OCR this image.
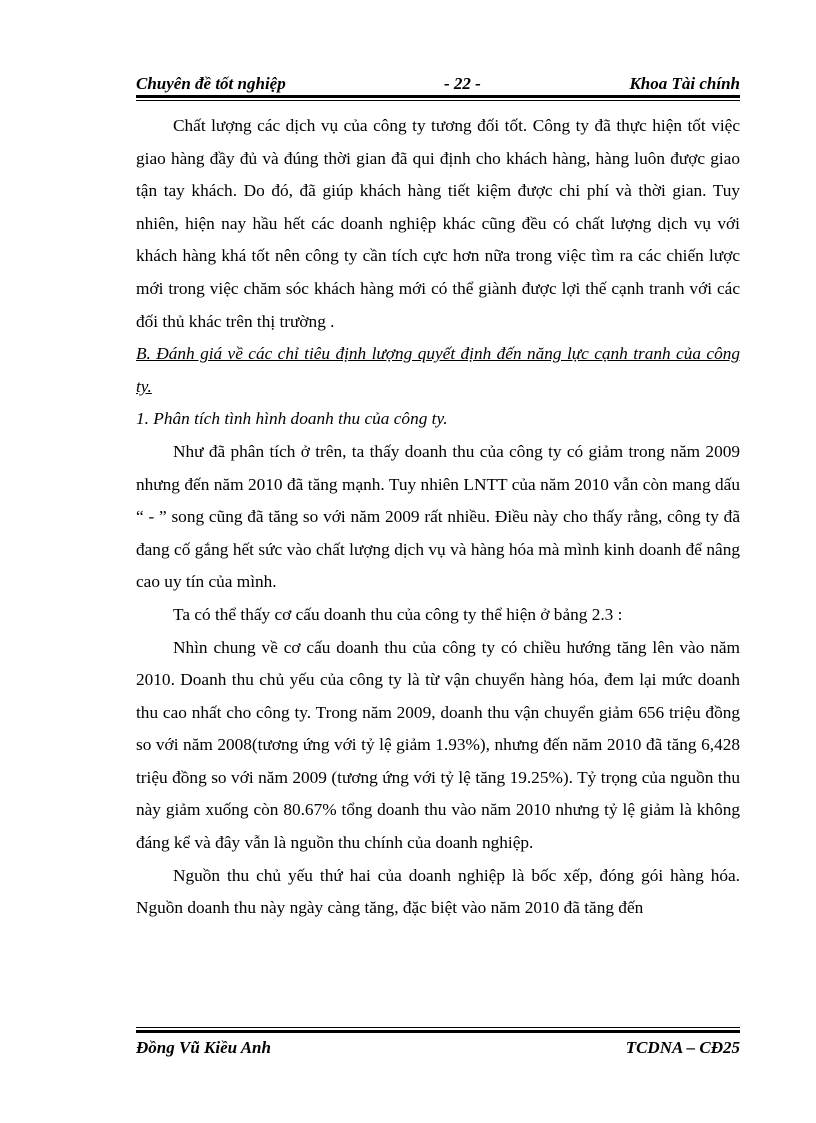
Chuyên đề tốt nghiệp	- 22 -	Khoa Tài chính

Chất lượng các dịch vụ của công ty tương đối tốt. Công ty đã thực hiện tốt việc giao hàng đầy đủ và đúng thời gian đã qui định cho khách hàng, hàng luôn được giao tận tay khách. Do đó, đã giúp khách hàng tiết kiệm được chi phí và thời gian. Tuy nhiên, hiện nay hầu hết các doanh nghiệp khác cũng đều có chất lượng dịch vụ với khách hàng khá tốt nên công ty cần tích cực hơn nữa trong việc tìm ra các chiến lược mới trong việc chăm sóc khách hàng mới có thể giành được lợi thế cạnh tranh với các đối thủ khác trên thị trường .

B. Đánh giá về các chỉ tiêu định lượng quyết định đến năng lực cạnh tranh của công ty.

1. Phân tích tình hình doanh thu của công ty.

Như đã phân tích ở trên, ta thấy doanh thu của công ty có giảm trong năm 2009 nhưng đến năm 2010 đã tăng mạnh. Tuy nhiên LNTT của năm 2010 vẫn còn mang dấu “ - ” song cũng đã tăng so với năm 2009 rất nhiều. Điều này cho thấy rằng, công ty đã đang cố gắng hết sức vào chất lượng dịch vụ và hàng hóa mà mình kinh doanh để nâng cao uy tín của mình.

Ta có thể thấy cơ cấu doanh thu của công ty thể hiện ở bảng 2.3 :

Nhìn chung về cơ cấu doanh thu của công ty có chiều hướng tăng lên vào năm 2010. Doanh thu chủ yếu của công ty là từ vận chuyển hàng hóa, đem lại mức doanh thu cao nhất cho công ty. Trong năm 2009, doanh thu vận chuyển giảm 656 triệu đồng so với năm 2008(tương ứng với tỷ lệ giảm 1.93%), nhưng đến năm 2010 đã tăng 6,428 triệu đồng so với năm 2009 (tương ứng với tỷ lệ tăng 19.25%). Tỷ trọng của nguồn thu này giảm xuống còn 80.67% tổng doanh thu vào năm 2010 nhưng tỷ lệ giảm là không đáng kể và đây vẫn là nguồn thu chính của doanh nghiệp.

Nguồn thu chủ yếu thứ hai của doanh nghiệp là bốc xếp, đóng gói hàng hóa. Nguồn doanh thu này ngày càng tăng, đặc biệt vào năm 2010 đã tăng đến

Đồng Vũ Kiều Anh	TCDNA – CĐ25
